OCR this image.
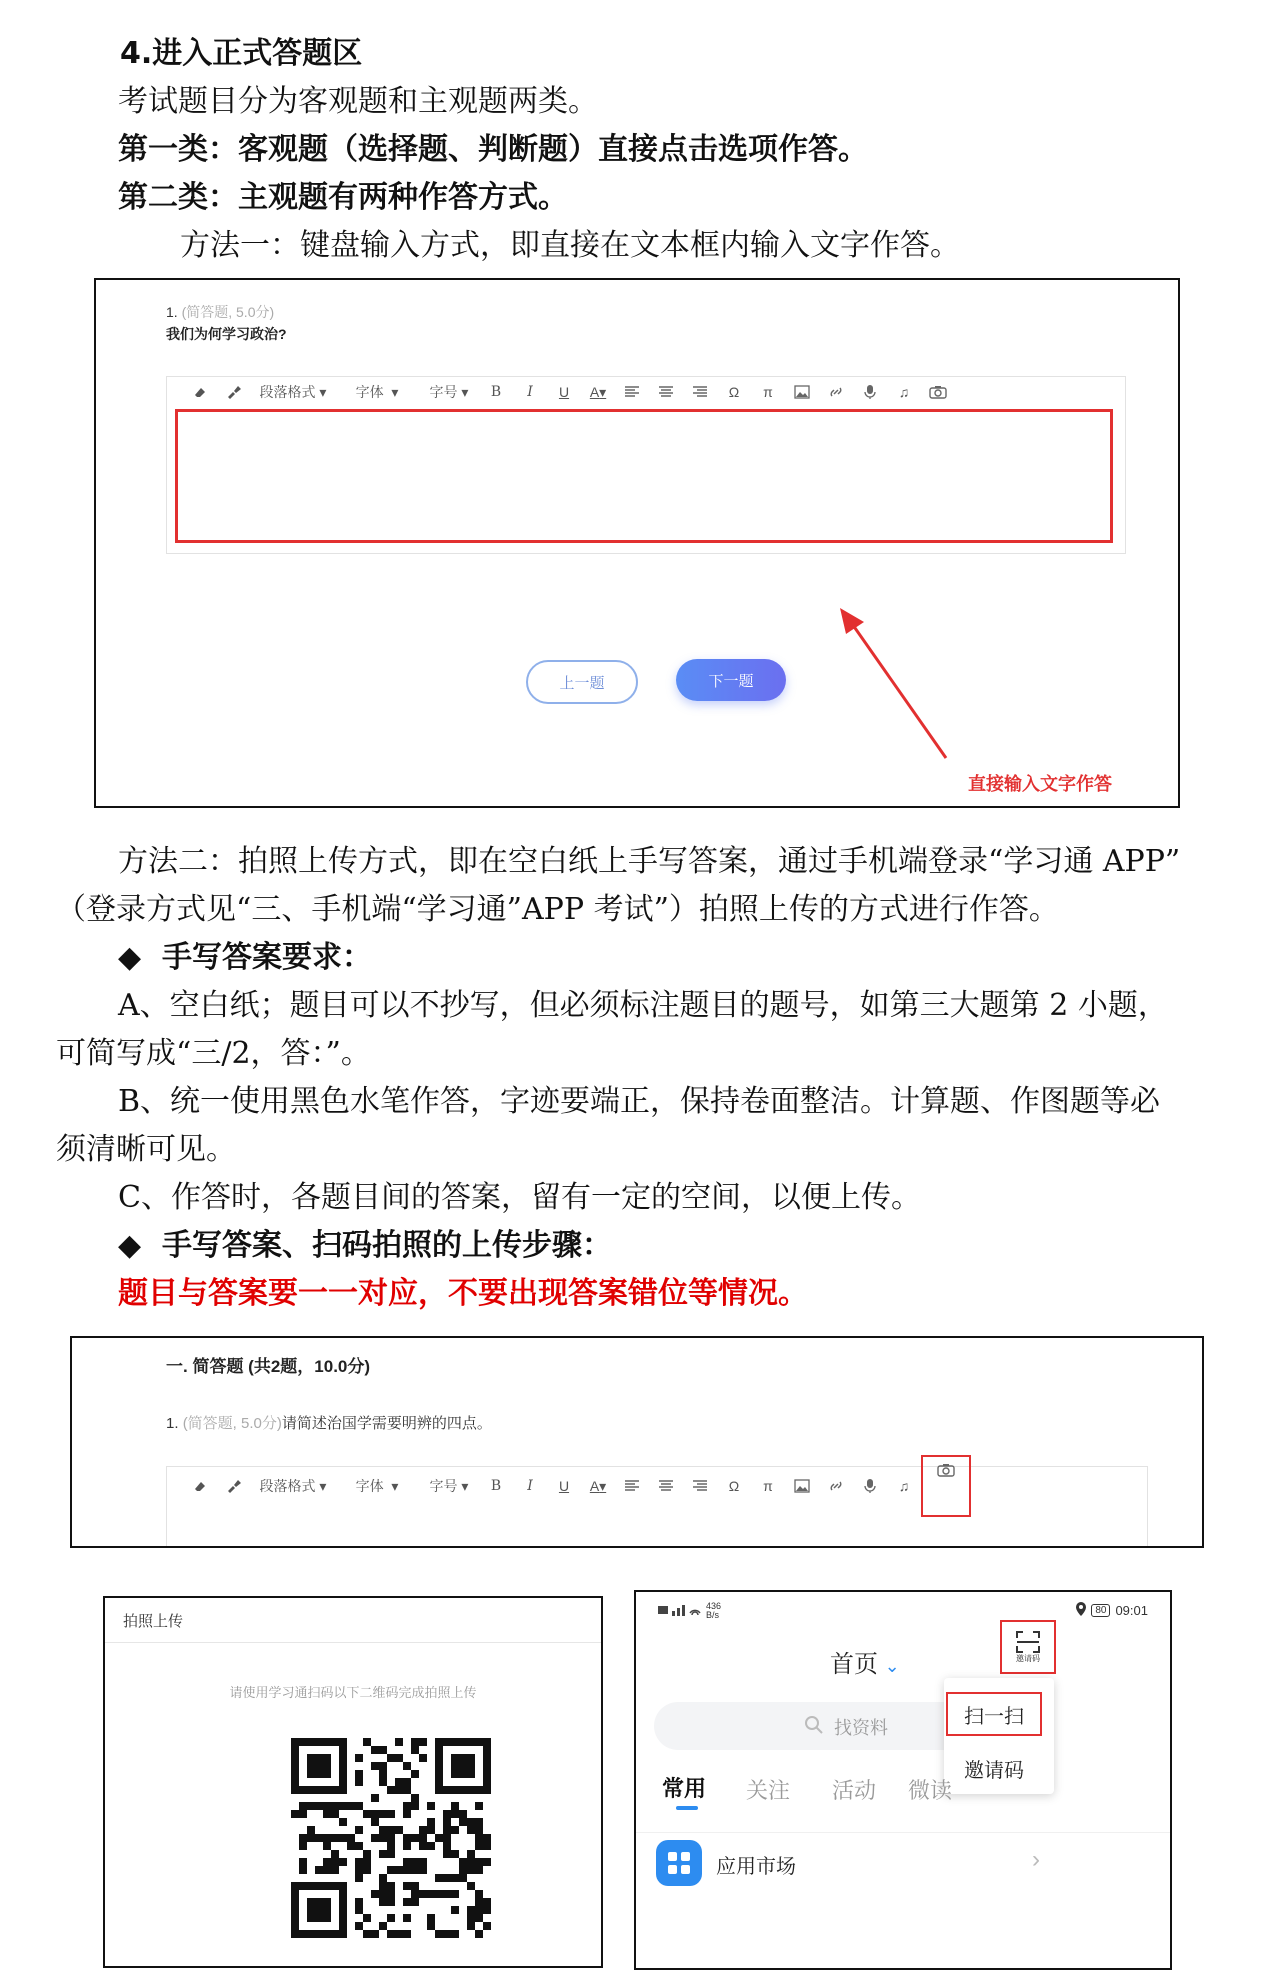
4.进入正式答题区
考试题目分为客观题和主观题两类。
第一类：客观题（选择题、判断题）直接点击选项作答。
第二类：主观题有两种作答方式。
方法一：键盘输入方式，即直接在文本框内输入文字作答。
1. (简答题, 5.0分)
我们为何学习政治?
段落格式 ▾	字体 ▾	字号 ▾	B	I	U	A ▾	Ω	π	♫
上一题	下一题
直接输入文字作答
方法二：拍照上传方式，即在空白纸上手写答案，通过手机端登录“学习通 APP”
（登录方式见“三、手机端“学习通”APP 考试”）拍照上传的方式进行作答。
◆ 手写答案要求：
A、空白纸；题目可以不抄写，但必须标注题目的题号，如第三大题第 2 小题，
可简写成“三/2，答：”。
B、统一使用黑色水笔作答，字迹要端正，保持卷面整洁。计算题、作图题等必
须清晰可见。
C、作答时，各题目间的答案，留有一定的空间，以便上传。
◆ 手写答案、扫码拍照的上传步骤：
题目与答案要一一对应，不要出现答案错位等情况。
一. 简答题 (共2题，10.0分)
1. (简答题, 5.0分)请简述治国学需要明辨的四点。
段落格式 ▾	字体 ▾	字号 ▾	B	I	U	A ▾	Ω	π	♫
拍照上传
请使用学习通扫码以下二维码完成拍照上传
436
B/s	80 09:01
首页 ⌄	邀请码
找资料
扫一扫
邀请码
常用 关注 活动 微读
应用市场	›
